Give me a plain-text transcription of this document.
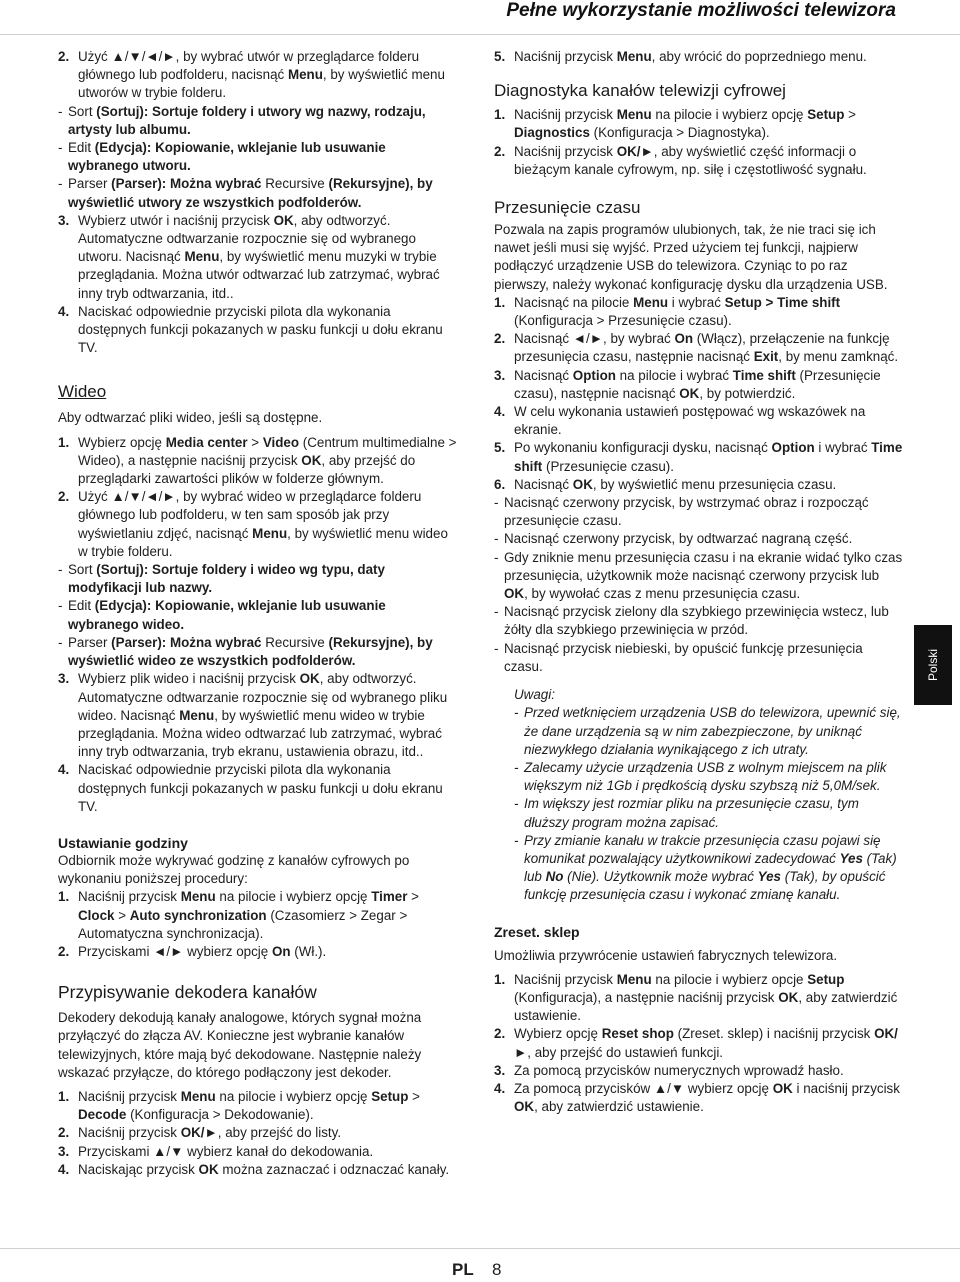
Pełne wykorzystanie możliwości telewizora
2. Użyć ▲/▼/◄/►, by wybrać utwór w przeglądarce folderu głównego lub podfolderu, nacisnąć Menu, by wyświetlić menu utworów w trybie folderu.
- Sort (Sortuj): Sortuje foldery i utwory wg nazwy, rodzaju, artysty lub albumu.
- Edit (Edycja): Kopiowanie, wklejanie lub usuwanie wybranego utworu.
- Parser (Parser): Można wybrać Recursive (Rekursyjne), by wyświetlić utwory ze wszystkich podfolderów.
3. Wybierz utwór i naciśnij przycisk OK, aby odtworzyć. Automatyczne odtwarzanie rozpocznie się od wybranego utworu. Nacisnąć Menu, by wyświetlić menu muzyki w trybie przeglądania. Można utwór odtwarzać lub zatrzymać, wybrać inny tryb odtwarzania, itd..
4. Naciskać odpowiednie przyciski pilota dla wykonania dostępnych funkcji pokazanych w pasku funkcji u dołu ekranu TV.
Wideo

Aby odtwarzać pliki wideo, jeśli są dostępne.

1. Wybierz opcję Media center > Video (Centrum multimedialne > Wideo), a następnie naciśnij przycisk OK, aby przejść do przeglądarki zawartości plików w folderze głównym.
2. Użyć ▲/▼/◄/►, by wybrać wideo w przeglądarce folderu głównego lub podfolderu, w ten sam sposób jak przy wyświetlaniu zdjęć, nacisnąć Menu, by wyświetlić menu wideo w trybie folderu.
- Sort (Sortuj): Sortuje foldery i wideo wg typu, daty modyfikacji lub nazwy.
- Edit (Edycja): Kopiowanie, wklejanie lub usuwanie wybranego wideo.
- Parser (Parser): Można wybrać Recursive (Rekursyjne), by wyświetlić wideo ze wszystkich podfolderów.
3. Wybierz plik wideo i naciśnij przycisk OK, aby odtworzyć. Automatyczne odtwarzanie rozpocznie się od wybranego pliku wideo. Nacisnąć Menu, by wyświetlić menu wideo w trybie przeglądania. Można wideo odtwarzać lub zatrzymać, wybrać inny tryb odtwarzania, tryb ekranu, ustawienia obrazu, itd..
4. Naciskać odpowiednie przyciski pilota dla wykonania dostępnych funkcji pokazanych w pasku funkcji u dołu ekranu TV.
Ustawianie godziny

Odbiornik może wykrywać godzinę z kanałów cyfrowych po wykonaniu poniższej procedury:

1. Naciśnij przycisk Menu na pilocie i wybierz opcję Timer > Clock > Auto synchronization (Czasomierz > Zegar > Automatyczna synchronizacja).
2. Przyciskami ◄/► wybierz opcję On (Wł.).
Przypisywanie dekodera kanałów

Dekodery dekodują kanały analogowe, których sygnał można przyłączyć do złącza AV. Konieczne jest wybranie kanałów telewizyjnych, które mają być dekodowane. Następnie należy wskazać przyłącze, do którego podłączony jest dekoder.

1. Naciśnij przycisk Menu na pilocie i wybierz opcję Setup > Decode (Konfiguracja > Dekodowanie).
2. Naciśnij przycisk OK/►, aby przejść do listy.
3. Przyciskami ▲/▼ wybierz kanał do dekodowania.
4. Naciskając przycisk OK można zaznaczać i odznaczać kanały.
5. Naciśnij przycisk Menu, aby wrócić do poprzedniego menu.
Diagnostyka kanałów telewizji cyfrowej
1. Naciśnij przycisk Menu na pilocie i wybierz opcję Setup > Diagnostics (Konfiguracja > Diagnostyka).
2. Naciśnij przycisk OK/►, aby wyświetlić część informacji o bieżącym kanale cyfrowym, np. siłę i częstotliwość sygnału.
Przesunięcie czasu

Pozwala na zapis programów ulubionych, tak, że nie traci się ich nawet jeśli musi się wyjść. Przed użyciem tej funkcji, najpierw podłączyć urządzenie USB do telewizora. Czyniąc to po raz pierwszy, należy wykonać konfigurację dysku dla urządzenia USB.

1. Nacisnąć na pilocie Menu i wybrać Setup > Time shift (Konfiguracja > Przesunięcie czasu).
2. Nacisnąć ◄/►, by wybrać On (Włącz), przełączenie na funkcję przesunięcia czasu, następnie nacisnąć Exit, by menu zamknąć.
3. Nacisnąć Option na pilocie i wybrać Time shift (Przesunięcie czasu), następnie nacisnąć OK, by potwierdzić.
4. W celu wykonania ustawień postępować wg wskazówek na ekranie.
5. Po wykonaniu konfiguracji dysku, nacisnąć Option i wybrać Time shift (Przesunięcie czasu).
6. Nacisnąć OK, by wyświetlić menu przesunięcia czasu.
- Nacisnąć czerwony przycisk, by wstrzymać obraz i rozpocząć przesunięcie czasu.
- Nacisnąć czerwony przycisk, by odtwarzać nagraną część.
- Gdy zniknie menu przesunięcia czasu i na ekranie widać tylko czas przesunięcia, użytkownik może nacisnąć czerwony przycisk lub OK, by wywołać czas z menu przesunięcia czasu.
- Nacisnąć przycisk zielony dla szybkiego przewinięcia wstecz, lub żółty dla szybkiego przewinięcia w przód.
- Nacisnąć przycisk niebieski, by opuścić funkcję przesunięcia czasu.

Uwagi:

- Przed wetknięciem urządzenia USB do telewizora, upewnić się, że dane urządzenia są w nim zabezpieczone, by uniknąć niezwykłego działania wynikającego z ich utraty.
- Zalecamy użycie urządzenia USB z wolnym miejscem na plik większym niż 1Gb i prędkością dysku szybszą niż 5,0M/sek.
- Im większy jest rozmiar pliku na przesunięcie czasu, tym dłuższy program można zapisać.
- Przy zmianie kanału w trakcie przesunięcia czasu pojawi się komunikat pozwalający użytkownikowi zadecydować Yes (Tak) lub No (Nie). Użytkownik może wybrać Yes (Tak), by opuścić funkcję przesunięcia czasu i wykonać zmianę kanału.
Zreset. sklep

Umożliwia przywrócenie ustawień fabrycznych telewizora.

1. Naciśnij przycisk Menu na pilocie i wybierz opcje Setup (Konfiguracja), a następnie naciśnij przycisk OK, aby zatwierdzić ustawienie.
2. Wybierz opcję Reset shop (Zreset. sklep) i naciśnij przycisk OK/►, aby przejść do ustawień funkcji.
3. Za pomocą przycisków numerycznych wprowadź hasło.
4. Za pomocą przycisków ▲/▼ wybierz opcję OK i naciśnij przycisk OK, aby zatwierdzić ustawienie.
Polski
PL 8
